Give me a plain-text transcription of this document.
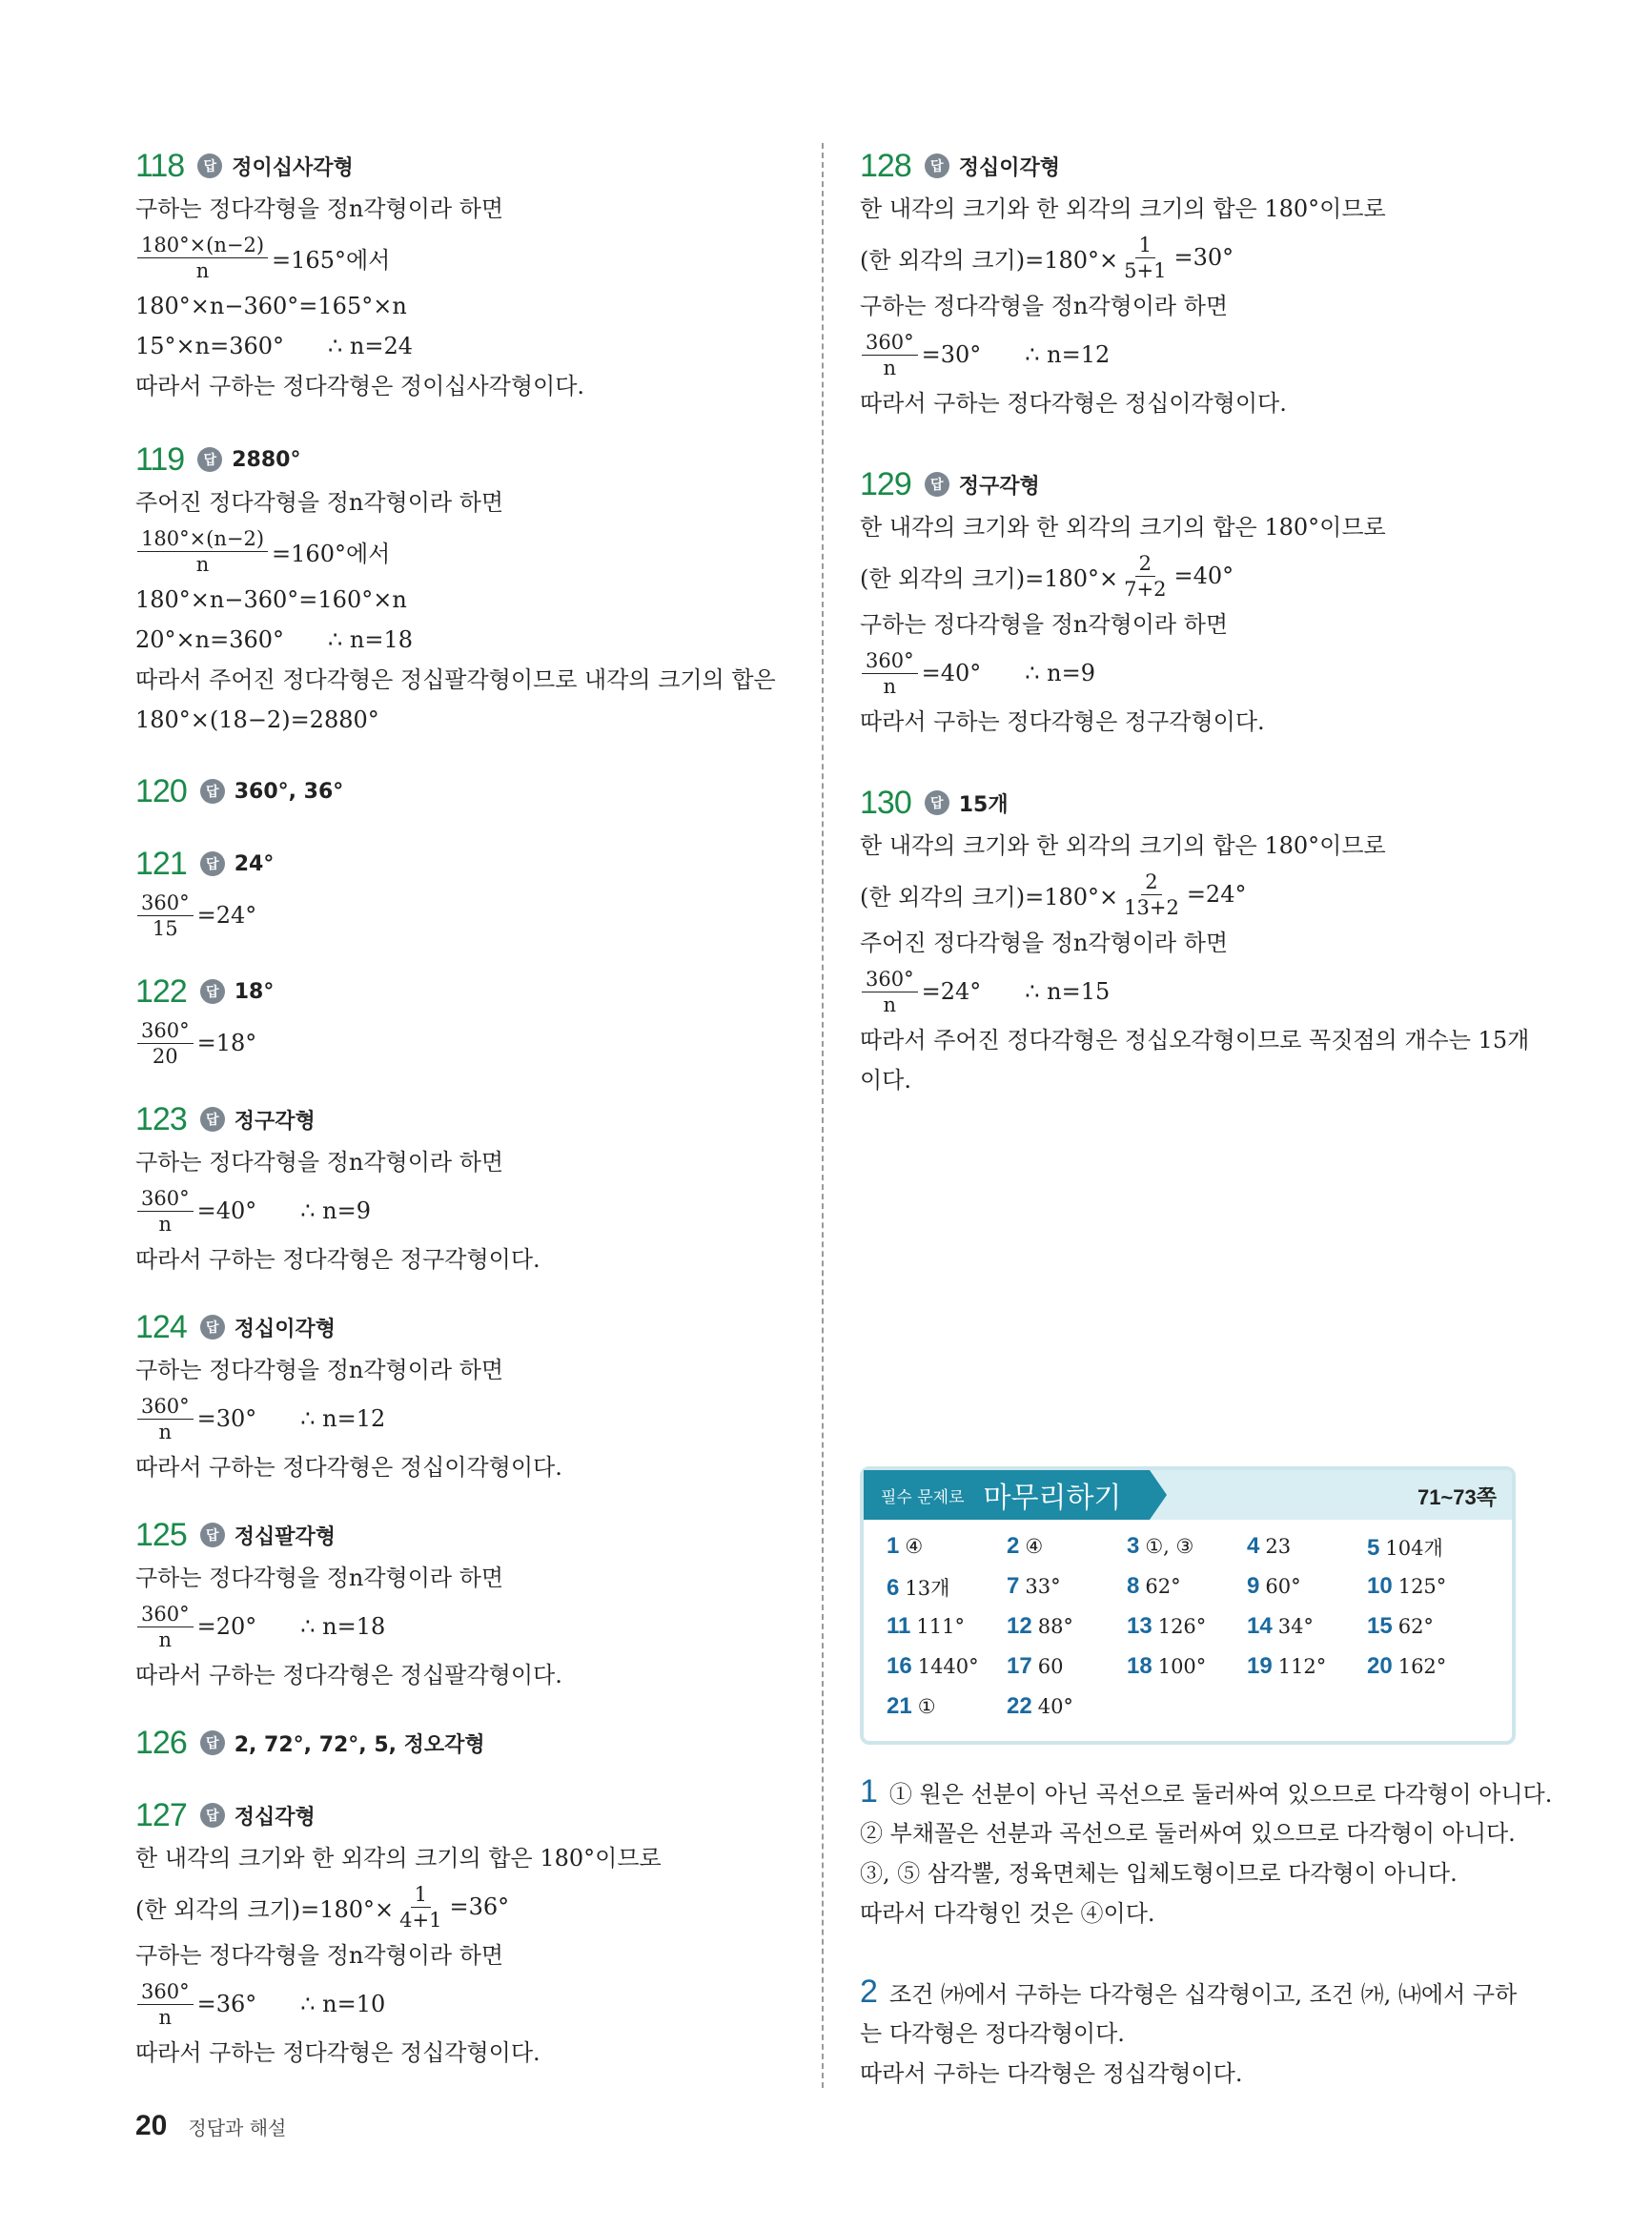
118	답 정이십사각형
구하는 정다각형을 정n각형이라 하면
$\frac{180^\circ\times(n-2)}{n} =165^\circ$에서
180°×n−360°=165°×n
15°×n=360° ∴ n=24
따라서 구하는 정다각형은 정이십사각형이다.
119	답 2880°
주어진 정다각형을 정n각형이라 하면
$\frac{180^\circ\times(n-2)}{n} =160^\circ$에서
180°×n−360°=160°×n
20°×n=360° ∴ n=18
따라서 주어진 정다각형은 정십팔각형이므로 내각의 크기의 합은
180°×(18−2)=2880°
120	답 360°, 36°
121	답 24°
$\frac{360^\circ}{15} =24^\circ$
122	답 18°
$\frac{360^\circ}{20} =18^\circ$
123	답 정구각형
구하는 정다각형을 정n각형이라 하면
$\frac{360^\circ}{n} =40^\circ$ ∴ n=9
따라서 구하는 정다각형은 정구각형이다.
124	답 정십이각형
구하는 정다각형을 정n각형이라 하면
$\frac{360^\circ}{n} =30^\circ$ ∴ n=12
따라서 구하는 정다각형은 정십이각형이다.
125	답 정십팔각형
구하는 정다각형을 정n각형이라 하면
$\frac{360^\circ}{n} =20^\circ$ ∴ n=18
따라서 구하는 정다각형은 정십팔각형이다.
126	답 2, 72°, 72°, 5, 정오각형
127	답 정십각형
한 내각의 크기와 한 외각의 크기의 합은 180°이므로
(한 외각의 크기)$=180^\circ\times \frac{1}{4+1} =36^\circ$
구하는 정다각형을 정n각형이라 하면
$\frac{360^\circ}{n} =36^\circ$ ∴ n=10
따라서 구하는 정다각형은 정십각형이다.
128	답 정십이각형
한 내각의 크기와 한 외각의 크기의 합은 180°이므로
(한 외각의 크기)$=180^\circ\times \frac{1}{5+1} =30^\circ$
구하는 정다각형을 정n각형이라 하면
$\frac{360^\circ}{n} =30^\circ$ ∴ n=12
따라서 구하는 정다각형은 정십이각형이다.
129	답 정구각형
한 내각의 크기와 한 외각의 크기의 합은 180°이므로
(한 외각의 크기)$=180^\circ\times \frac{2}{7+2} =40^\circ$
구하는 정다각형을 정n각형이라 하면
$\frac{360^\circ}{n} =40^\circ$ ∴ n=9
따라서 구하는 정다각형은 정구각형이다.
130	답 15개
한 내각의 크기와 한 외각의 크기의 합은 180°이므로
(한 외각의 크기)$=180^\circ\times \frac{2}{13+2} =24^\circ$
주어진 정다각형을 정n각형이라 하면
$\frac{360^\circ}{n} =24^\circ$ ∴ n=15
따라서 주어진 정다각형은 정십오각형이므로 꼭짓점의 개수는 15개
이다.
필수 문제로 마무리하기	71~73쪽
1 ④	2 ④	3 ①, ③	4 23	5 104개
6 13개	7 33°	8 62°	9 60°	10 125°
11 111°	12 88°	13 126°	14 34°	15 62°
16 1440°	17 60	18 100°	19 112°	20 162°
21 ①	22 40°
1 ① 원은 선분이 아닌 곡선으로 둘러싸여 있으므로 다각형이 아니다.
② 부채꼴은 선분과 곡선으로 둘러싸여 있으므로 다각형이 아니다.
③, ⑤ 삼각뿔, 정육면체는 입체도형이므로 다각형이 아니다.
따라서 다각형인 것은 ④이다.
2 조건 ㈎에서 구하는 다각형은 십각형이고, 조건 ㈎, ㈏에서 구하
는 다각형은 정다각형이다.
따라서 구하는 다각형은 정십각형이다.
20 정답과 해설
